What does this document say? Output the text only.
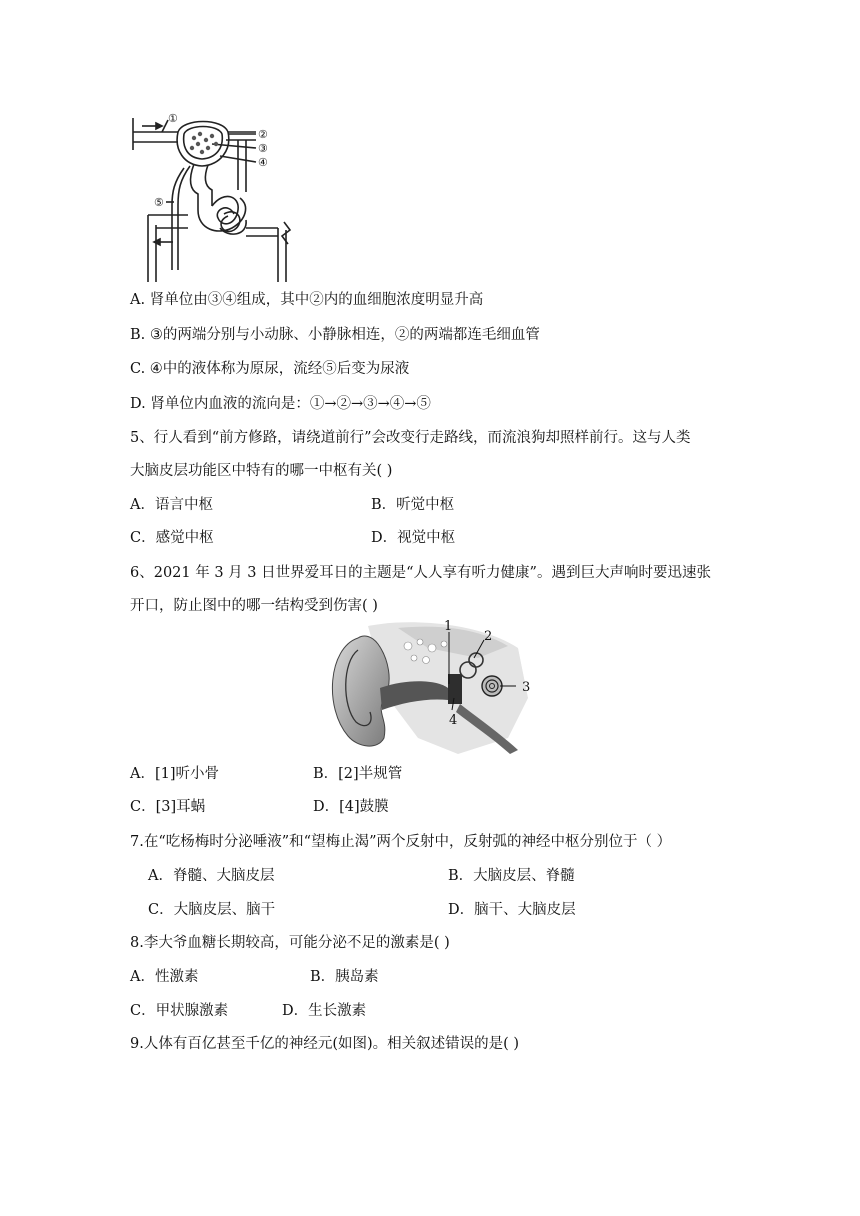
①
②
③
④
⑤
A. 肾单位由③④组成，其中②内的血细胞浓度明显升高
B. ③的两端分别与小动脉、小静脉相连，②的两端都连毛细血管
C. ④中的液体称为原尿，流经⑤后变为尿液
D. 肾单位内血液的流向是：①→②→③→④→⑤
5、行人看到“前方修路，请绕道前行”会改变行走路线，而流浪狗却照样前行。这与人类
大脑皮层功能区中特有的哪一中枢有关( )
A．语言中枢	B．听觉中枢
C．感觉中枢	D．视觉中枢
6、2021 年 3 月 3 日世界爱耳日的主题是“人人享有听力健康”。遇到巨大声响时要迅速张
开口，防止图中的哪一结构受到伤害( )
1
2
3
4
A．[1]听小骨	B．[2]半规管
C．[3]耳蜗	D．[4]鼓膜
7.在“吃杨梅时分泌唾液”和“望梅止渴”两个反射中，反射弧的神经中枢分别位于（ ）
A．脊髓、大脑皮层	B．大脑皮层、脊髓
C．大脑皮层、脑干	D．脑干、大脑皮层
8.李大爷血糖长期较高，可能分泌不足的激素是( )
A．性激素	B．胰岛素
C．甲状腺激素	D．生长激素
9.人体有百亿甚至千亿的神经元(如图)。相关叙述错误的是( )
